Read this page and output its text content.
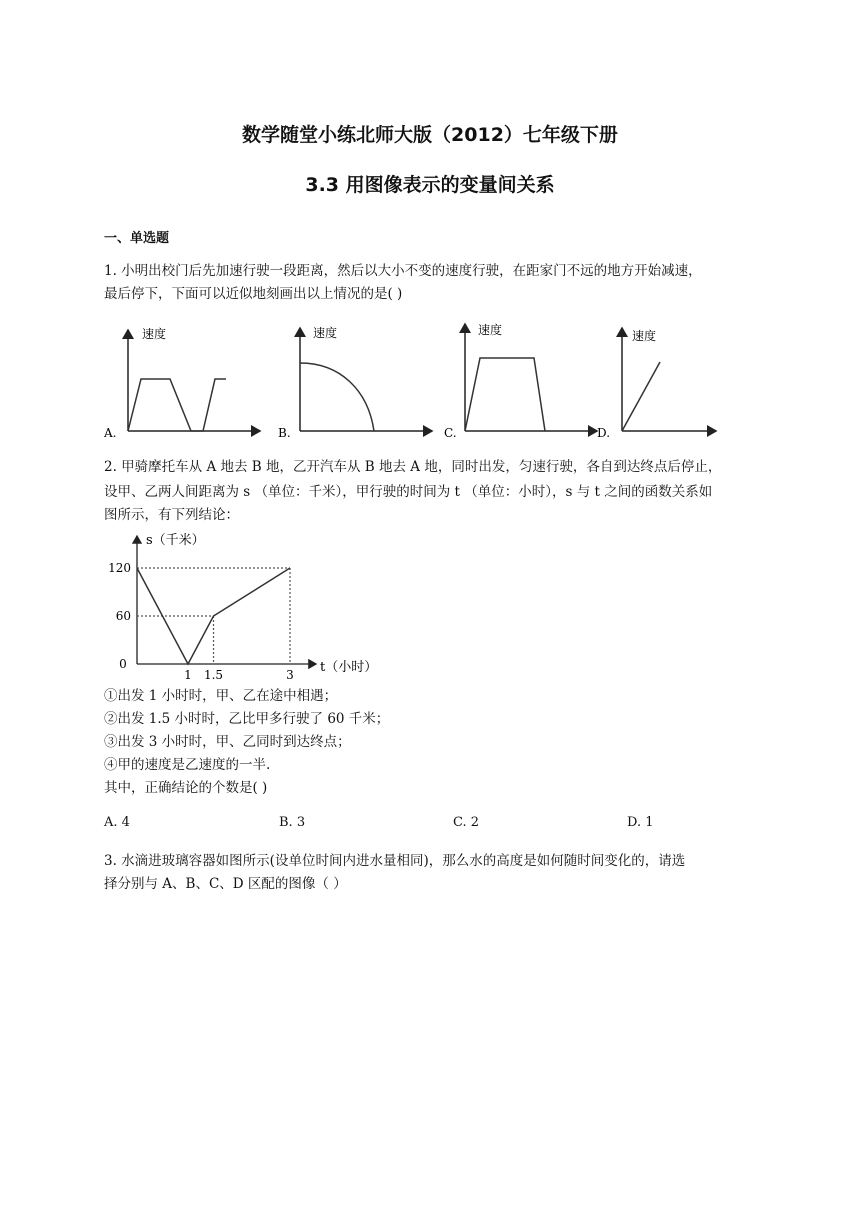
数学随堂小练北师大版（2012）七年级下册
3.3 用图像表示的变量间关系
一、单选题
1. 小明出校门后先加速行驶一段距离，然后以大小不变的速度行驶，在距家门不远的地方开始减速，
最后停下，下面可以近似地刻画出以上情况的是( )
速度
A.
速度
B.
速度
C.
速度
D.
2. 甲骑摩托车从 A 地去 B 地，乙开汽车从 B 地去 A 地，同时出发，匀速行驶，各自到达终点后停止，
设甲、乙两人间距离为 s （单位：千米），甲行驶的时间为 t （单位：小时），s 与 t 之间的函数关系如
图所示，有下列结论：
s（千米）
t（小时）
0
1 1.5	3
120
60
①出发 1 小时时，甲、乙在途中相遇；
②出发 1.5 小时时，乙比甲多行驶了 60 千米；
③出发 3 小时时，甲、乙同时到达终点；
④甲的速度是乙速度的一半.
其中，正确结论的个数是( )
A. 4	B. 3	C. 2	D. 1
3. 水滴进玻璃容器如图所示(设单位时间内进水量相同)，那么水的高度是如何随时间变化的，请选
择分别与 A、B、C、D 区配的图像（ ）
